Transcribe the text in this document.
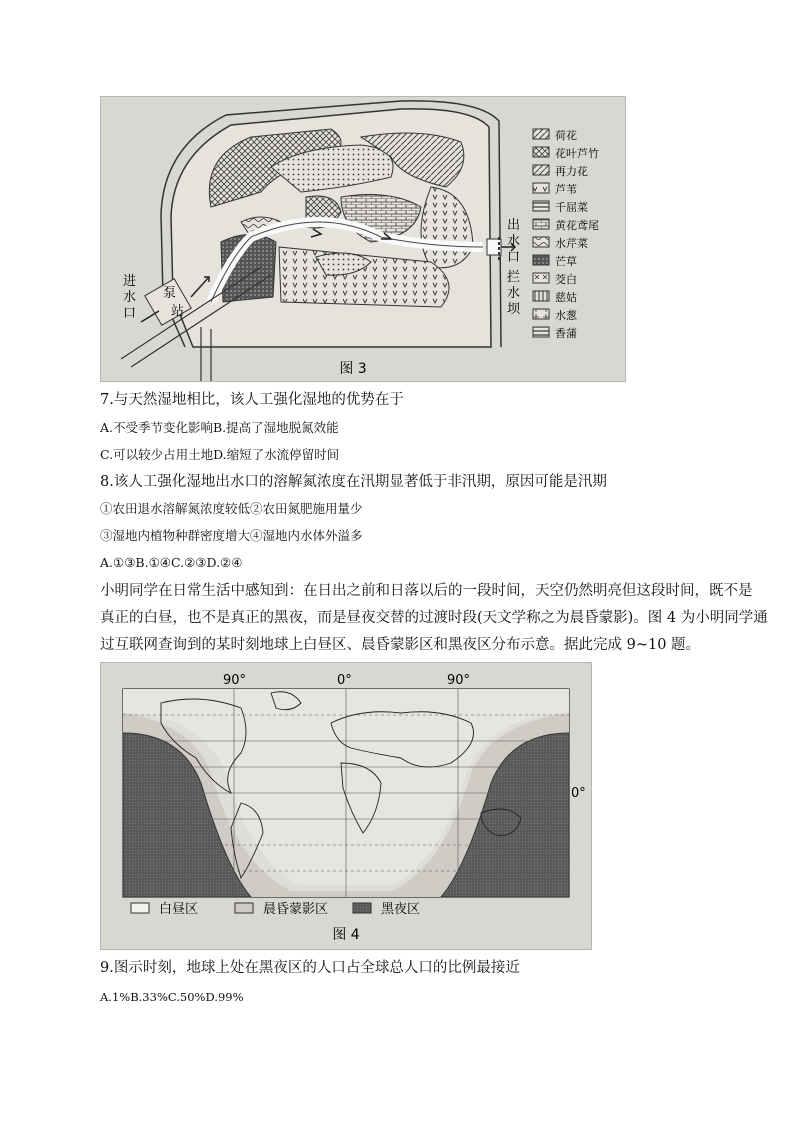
进
水
口
泵
站
出
水
口
拦
水
坝
荷花
花叶芦竹
再力花
芦苇
千屈菜
黄花鸢尾
水芹菜
芒草
茭白
慈姑
水葱
香蒲
图 3
7.与天然湿地相比，该人工强化湿地的优势在于
A.不受季节变化影响B.提高了湿地脱氮效能
C.可以较少占用土地D.缩短了水流停留时间
8.该人工强化湿地出水口的溶解氮浓度在汛期显著低于非汛期，原因可能是汛期
①农田退水溶解氮浓度较低②农田氮肥施用量少
③湿地内植物种群密度增大④湿地内水体外溢多
A.①③B.①④C.②③D.②④
小明同学在日常生活中感知到：在日出之前和日落以后的一段时间，天空仍然明亮但这段时间，既不是
真正的白昼，也不是真正的黑夜，而是昼夜交替的过渡时段(天文学称之为晨昏蒙影)。图 4 为小明同学通
过互联网查询到的某时刻地球上白昼区、晨昏蒙影区和黑夜区分布示意。据此完成 9~10 题。
90°	0°	90°
0°
白昼区	晨昏蒙影区	黑夜区
图 4
9.图示时刻，地球上处在黑夜区的人口占全球总人口的比例最接近
A.1%B.33%C.50%D.99%
